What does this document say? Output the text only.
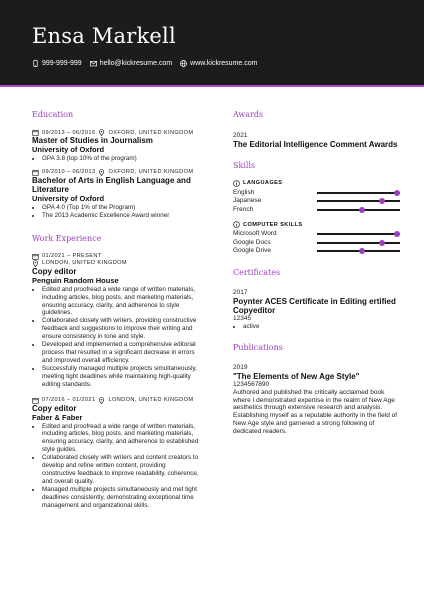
Ensa Markell
999-999-999	hello@kickresume.com	www.kickresume.com
Education
09/2013 – 06/2016 OXFORD, UNITED KINGDOM
Master of Studies in Journalism
University of Oxford
• GPA 3.8 (top 10% of the program)
09/2010 – 06/2013 OXFORD, UNITED KINGDOM
Bachelor of Arts in English Language and Literature
University of Oxford
• GPA 4.0 (Top 1% of the Program)
• The 2013 Academic Excellence Award winner
Work Experience
01/2021 – PRESENT
LONDON, UNITED KINGDOM
Copy editor
Penguin Random House
• Edited and proofread a wide range of written materials, including articles, blog posts, and marketing materials, ensuring accuracy, clarity, and adherence to style guidelines.
• Collaborated closely with writers, providing constructive feedback and suggestions to improve their writing and ensure consistency in tone and style.
• Developed and implemented a comprehensive editorial process that resulted in a significant decrease in errors and improved overall efficiency.
• Successfully managed multiple projects simultaneously, meeting tight deadlines while maintaining high-quality editing standards.
07/2016 – 01/2021 LONDON, UNITED KINGDOM
Copy editor
Faber & Faber
• Edited and proofread a wide range of written materials, including articles, blog posts, and marketing materials, ensuring accuracy, clarity, and adherence to established style guides.
• Collaborated closely with writers and content creators to develop and refine written content, providing constructive feedback to improve readability, coherence, and overall quality.
• Managed multiple projects simultaneously and met tight deadlines consistently, demonstrating exceptional time management and organizational skills.
Awards
2021
The Editorial Intelligence Comment Awards
Skills
LANGUAGES
English
Japanese
French
COMPUTER SKILLS
Microsoft Word
Google Docs
Google Drive
Certificates
2017
Poynter ACES Certificate in Editing ertified Copyeditor
12345
• active
Publications
2019
"The Elements of New Age Style"
1234567890
Authored and published the critically acclaimed book where I demonstrated expertise in the realm of New Age aesthetics through extensive research and analysis. Establishing myself as a reputable authority in the field of New Age style and garnered a strong following of dedicated readers.
